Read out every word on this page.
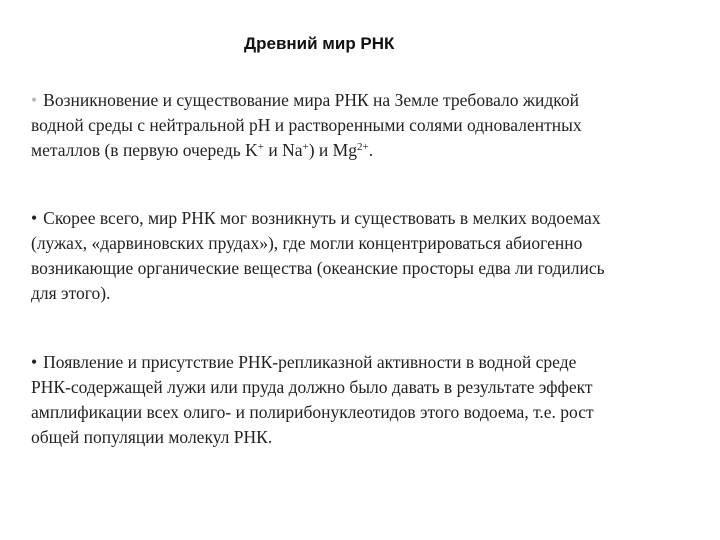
Древний мир РНК
• Возникновение и существование мира РНК на Земле требовало жидкой
водной среды с нейтральной pH и растворенными солями одновалентных
металлов (в первую очередь K+ и Na+) и $Mg^{2+}$.
• Скорее всего, мир РНК мог возникнуть и существовать в мелких водоемах
(лужах, «дарвиновских прудах»), где могли концентрироваться абиогенно
возникающие органические вещества (океанские просторы едва ли годились
для этого).
• Появление и присутствие РНК-репликазной активности в водной среде
РНК-содержащей лужи или пруда должно было давать в результате эффект
амплификации всех олиго- и полирибонуклеотидов этого водоема, т.е. рост
общей популяции молекул РНК.
